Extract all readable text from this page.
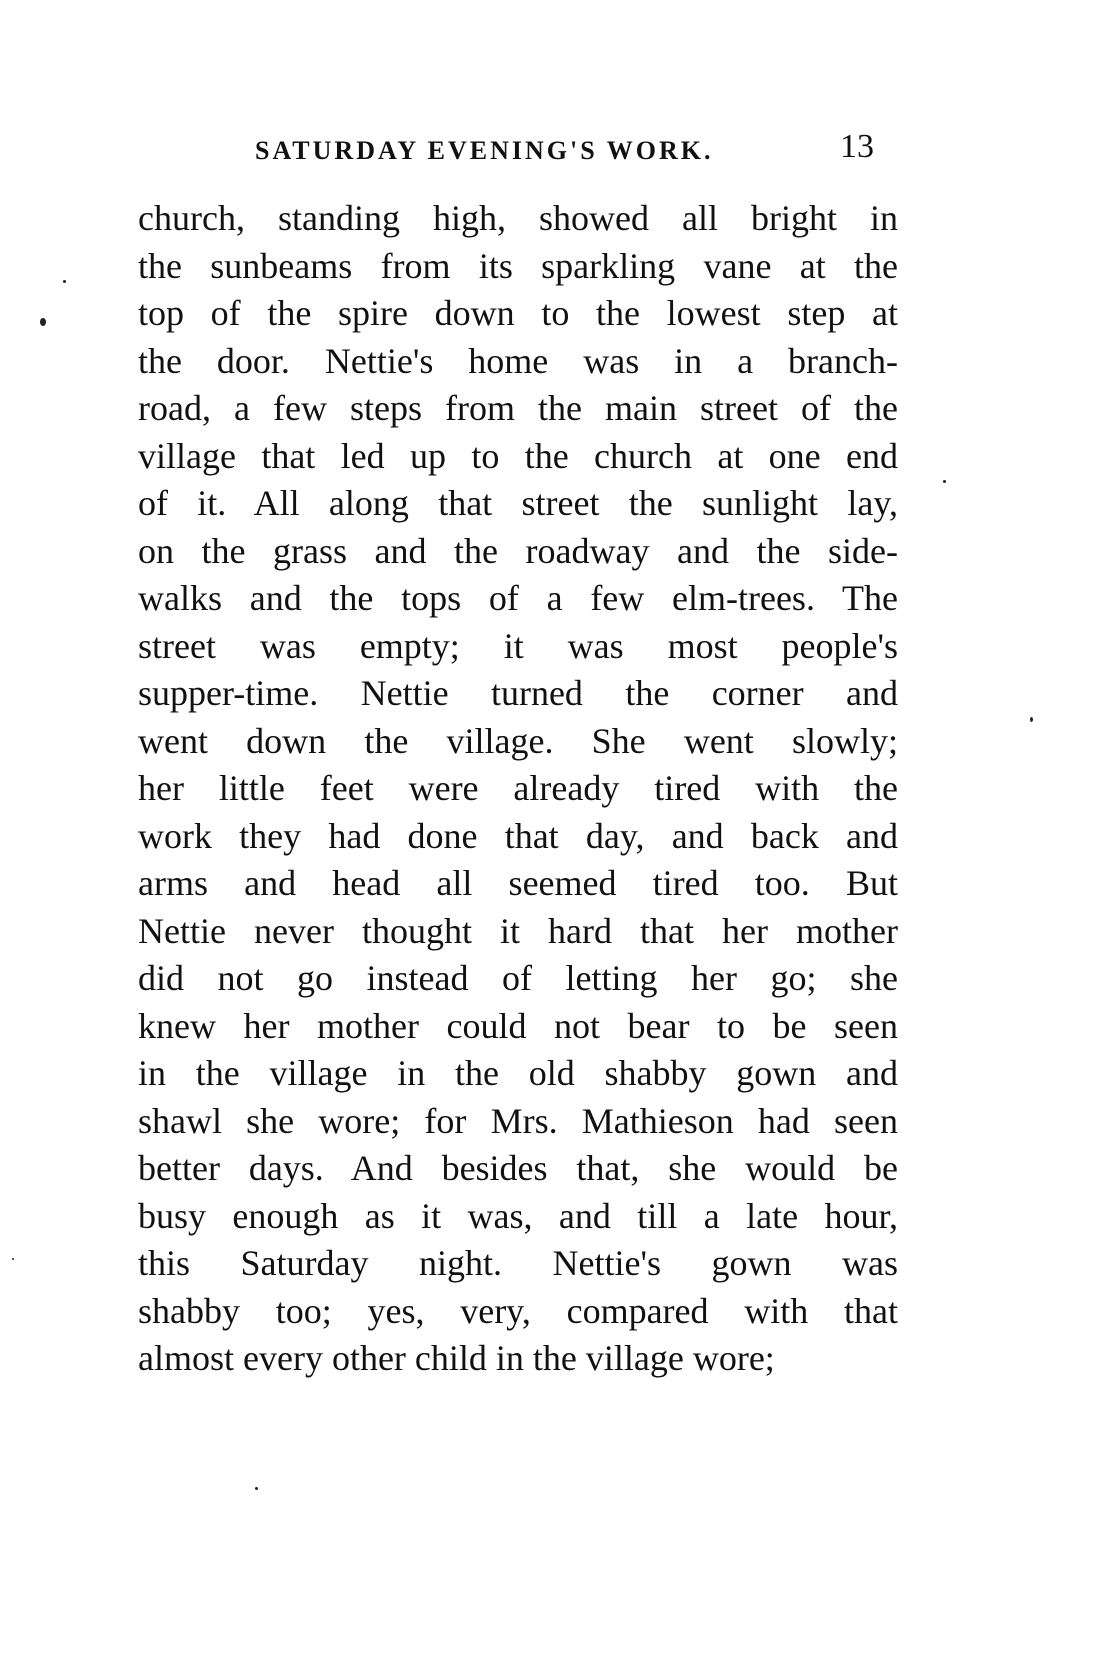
SATURDAY EVENING'S WORK.	13
church, standing high, showed all bright in
the sunbeams from its sparkling vane at the
top of the spire down to the lowest step at
the door. Nettie's home was in a branch-
road, a few steps from the main street of the
village that led up to the church at one end
of it. All along that street the sunlight lay,
on the grass and the roadway and the side-
walks and the tops of a few elm-trees. The
street was empty; it was most people's
supper-time. Nettie turned the corner and
went down the village. She went slowly;
her little feet were already tired with the
work they had done that day, and back and
arms and head all seemed tired too. But
Nettie never thought it hard that her mother
did not go instead of letting her go; she
knew her mother could not bear to be seen
in the village in the old shabby gown and
shawl she wore; for Mrs. Mathieson had seen
better days. And besides that, she would be
busy enough as it was, and till a late hour,
this Saturday night. Nettie's gown was
shabby too; yes, very, compared with that
almost every other child in the village wore;
